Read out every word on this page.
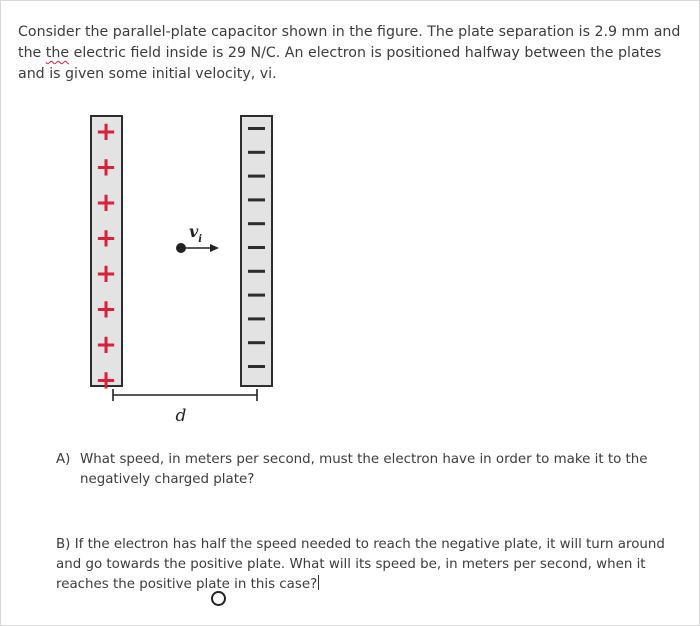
Consider the parallel-plate capacitor shown in the figure. The plate separation is 2.9 mm and the the electric field inside is 29 N/C. An electron is positioned halfway between the plates and is given some initial velocity, vi.

+
+
+
+
+
+
+
+
$v_i$
d
A) What speed, in meters per second, must the electron have in order to make it to the negatively charged plate?
B) If the electron has half the speed needed to reach the negative plate, it will turn around and go towards the positive plate. What will its speed be, in meters per second, when it reaches the positive plate in this case?
